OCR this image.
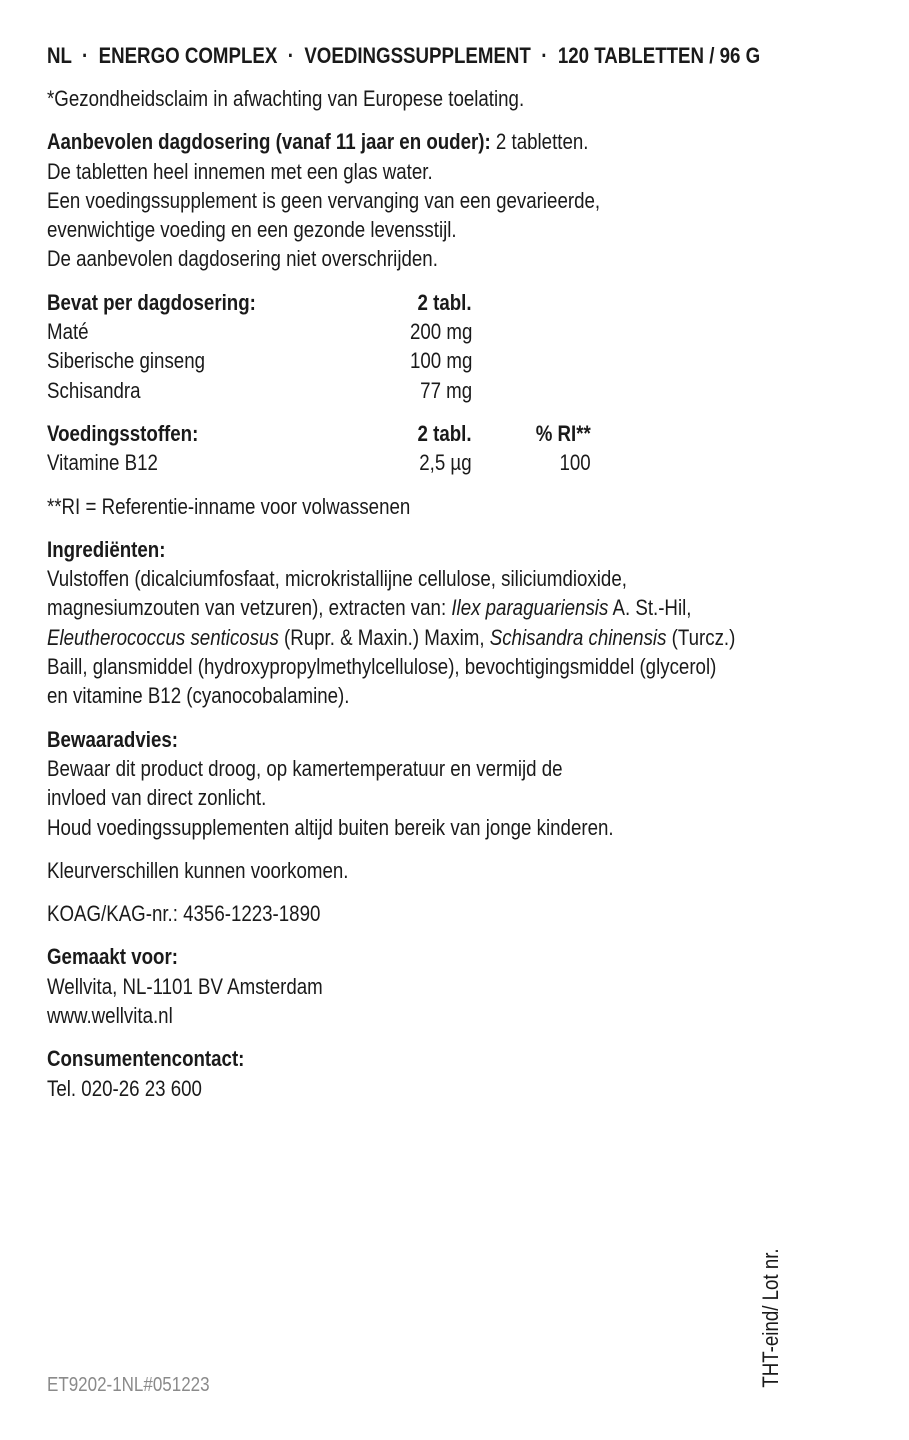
NL  ·  ENERGO COMPLEX  ·  VOEDINGSSUPPLEMENT  ·  120 TABLETTEN / 96 G
*Gezondheidsclaim in afwachting van Europese toelating.
Aanbevolen dagdosering (vanaf 11 jaar en ouder): 2 tabletten.
De tabletten heel innemen met een glas water.
Een voedingssupplement is geen vervanging van een gevarieerde,
evenwichtige voeding en een gezonde levensstijl.
De aanbevolen dagdosering niet overschrijden.
Bevat per dagdosering:	2 tabl.
Maté	200 mg
Siberische ginseng	100 mg
Schisandra	77 mg
Voedingsstoffen:	2 tabl.	% RI**
Vitamine B12	2,5 µg	100
**RI = Referentie-inname voor volwassenen
Ingrediënten:
Vulstoffen (dicalciumfosfaat, microkristallijne cellulose, siliciumdioxide,
magnesiumzouten van vetzuren), extracten van: Ilex paraguariensis A. St.-Hil,
Eleutherococcus senticosus (Rupr. & Maxin.) Maxim, Schisandra chinensis (Turcz.)
Baill, glansmiddel (hydroxypropylmethylcellulose), bevochtigingsmiddel (glycerol)
en vitamine B12 (cyanocobalamine).
Bewaaradvies:
Bewaar dit product droog, op kamertemperatuur en vermijd de
invloed van direct zonlicht.
Houd voedingssupplementen altijd buiten bereik van jonge kinderen.
Kleurverschillen kunnen voorkomen.
KOAG/KAG-nr.: 4356-1223-1890
Gemaakt voor:
Wellvita, NL-1101 BV Amsterdam
www.wellvita.nl
Consumentencontact:
Tel. 020-26 23 600
ET9202-1NL#051223	THT-eind/ Lot nr.
